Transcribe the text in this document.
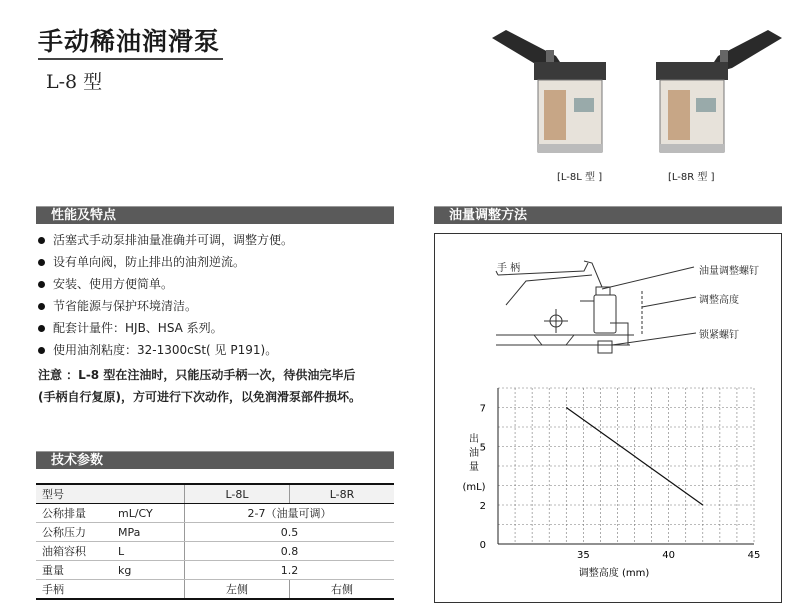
手动稀油润滑泵
L-8 型
[L-8L 型 ]	[L-8R 型 ]
性能及特点
活塞式手动泵排油量准确并可调，调整方便。
设有单向阀，防止排出的油剂逆流。
安装、使用方便简单。
节省能源与保护环境清洁。
配套计量件：HJB、HSA 系列。
使用油剂粘度：32-1300cSt( 见 P191)。
注意 ：L-8 型在注油时，只能压动手柄一次，待供油完毕后
(手柄自行复原)，方可进行下次动作，以免润滑泵部件损坏。
技术参数
型号		L-8L	L-8R
公称排量	mL/CY	2-7（油量可调）	
公称压力	MPa	0.5	
油箱容积	L	0.8	
重量	kg	1.2	
手柄		左侧	右侧
油量调整方法
手 柄	油量调整螺钉
调整高度
锁紧螺钉
35	40	45
0
2
5
7
出
油
量
(mL)
调整高度 (mm)
